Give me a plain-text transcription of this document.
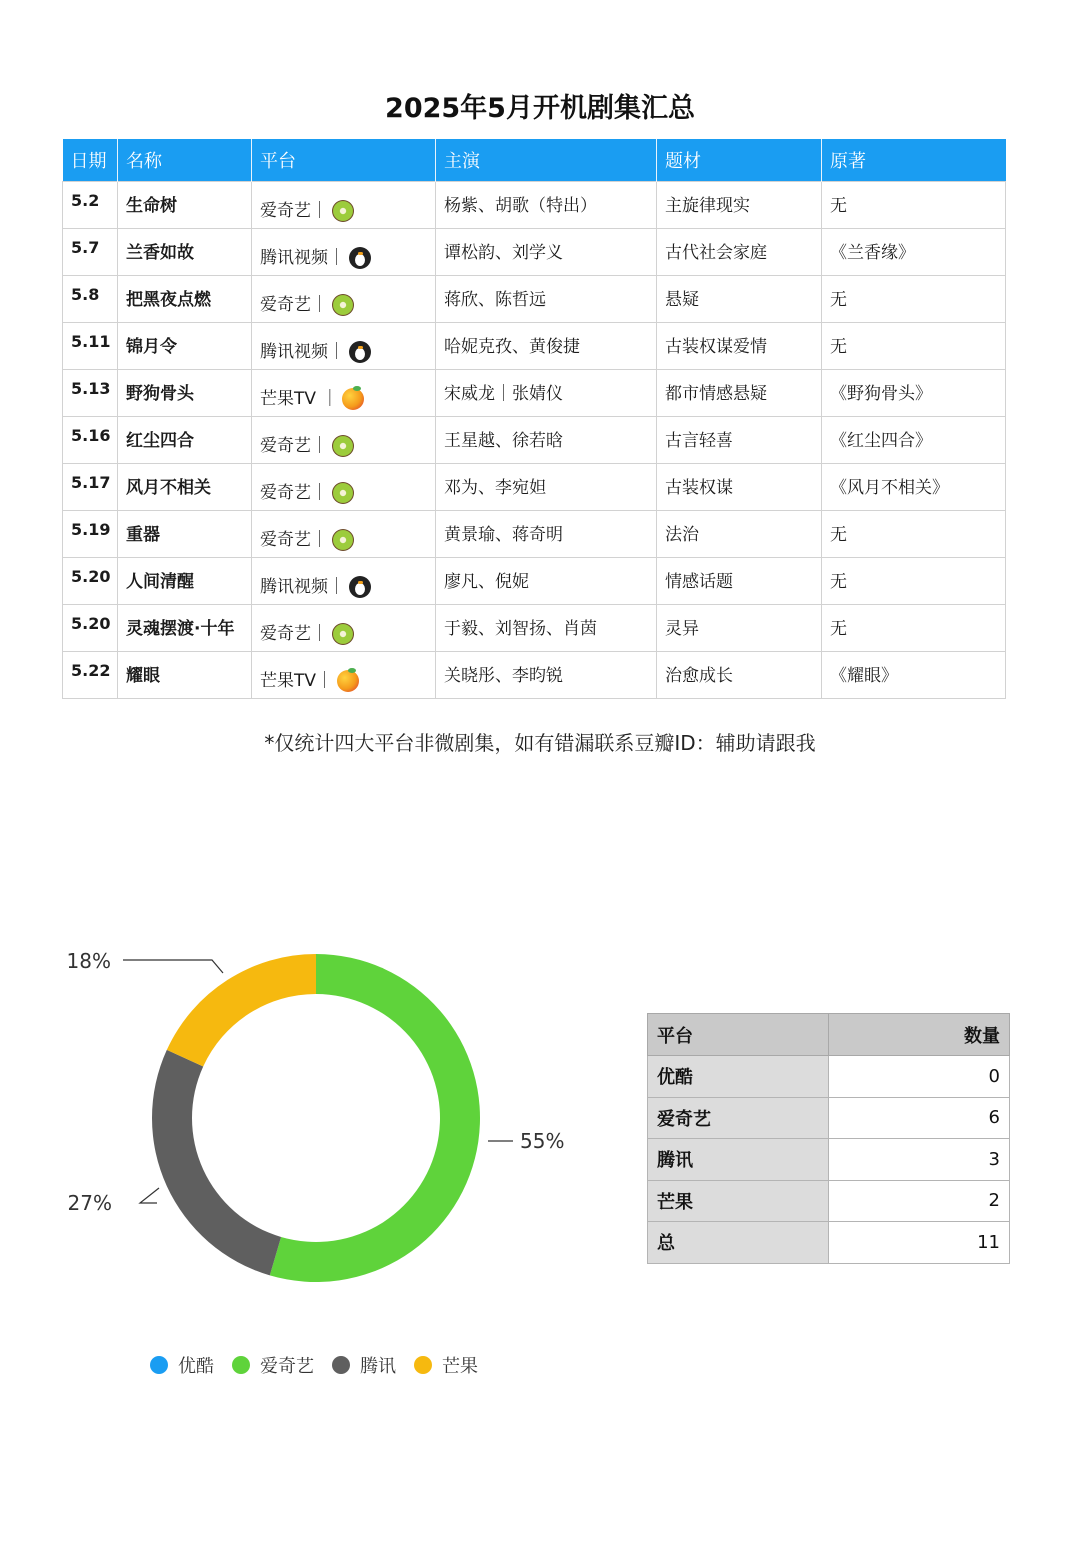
2025年5月开机剧集汇总
日期	名称	平台	主演	题材	原著
5.2	生命树	爱奇艺｜	杨紫、胡歌（特出）	主旋律现实	无
5.7	兰香如故	腾讯视频｜	谭松韵、刘学义	古代社会家庭	《兰香缘》
5.8	把黑夜点燃	爱奇艺｜	蒋欣、陈哲远	悬疑	无
5.11	锦月令	腾讯视频｜	哈妮克孜、黄俊捷	古装权谋爱情	无
5.13	野狗骨头	芒果TV ｜	宋威龙｜张婧仪	都市情感悬疑	《野狗骨头》
5.16	红尘四合	爱奇艺｜	王星越、徐若晗	古言轻喜	《红尘四合》
5.17	风月不相关	爱奇艺｜	邓为、李宛妲	古装权谋	《风月不相关》
5.19	重器	爱奇艺｜	黄景瑜、蒋奇明	法治	无
5.20	人间清醒	腾讯视频｜	廖凡、倪妮	情感话题	无
5.20	灵魂摆渡·十年	爱奇艺｜	于毅、刘智扬、肖茵	灵异	无
5.22	耀眼	芒果TV｜	关晓彤、李昀锐	治愈成长	《耀眼》
*仅统计四大平台非微剧集，如有错漏联系豆瓣ID：辅助请跟我
55%
27%
18%
优酷	爱奇艺	腾讯	芒果
平台	数量
优酷	0
爱奇艺	6
腾讯	3
芒果	2
总	11
